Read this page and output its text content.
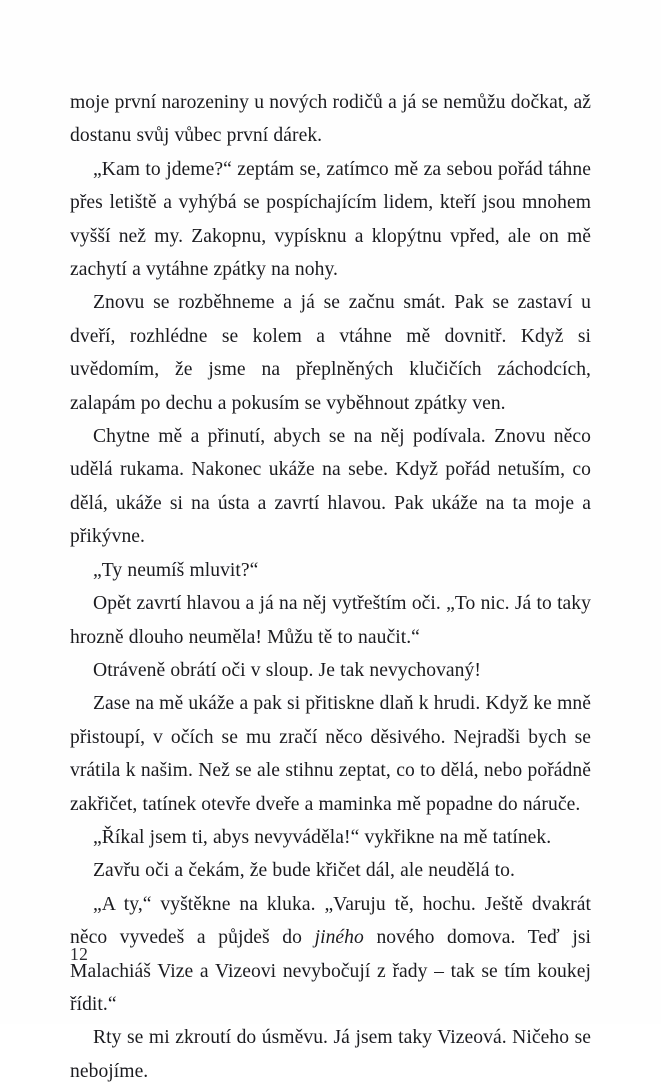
moje první narozeniny u nových rodičů a já se nemůžu dočkat, až dostanu svůj vůbec první dárek.

„Kam to jdeme?“ zeptám se, zatímco mě za sebou pořád táhne přes letiště a vyhýbá se pospíchajícím lidem, kteří jsou mnohem vyšší než my. Zakopnu, vypísknu a klopýtnu vpřed, ale on mě zachytí a vytáhne zpátky na nohy.

Znovu se rozběhneme a já se začnu smát. Pak se zastaví u dveří, rozhlédne se kolem a vtáhne mě dovnitř. Když si uvědomím, že jsme na přeplněných klučičích záchodcích, zalapám po dechu a pokusím se vyběhnout zpátky ven.

Chytne mě a přinutí, abych se na něj podívala. Znovu něco udělá rukama. Nakonec ukáže na sebe. Když pořád netuším, co dělá, ukáže si na ústa a zavrtí hlavou. Pak ukáže na ta moje a přikývne.

„Ty neumíš mluvit?“

Opět zavrtí hlavou a já na něj vytřeštím oči. „To nic. Já to taky hrozně dlouho neuměla! Můžu tě to naučit.“

Otráveně obrátí oči v sloup. Je tak nevychovaný!

Zase na mě ukáže a pak si přitiskne dlaň k hrudi. Když ke mně přistoupí, v očích se mu zračí něco děsivého. Nejradši bych se vrátila k našim. Než se ale stihnu zeptat, co to dělá, nebo pořádně zakřičet, tatínek otevře dveře a maminka mě popadne do náruče.

„Říkal jsem ti, abys nevyváděla!“ vykřikne na mě tatínek.

Zavřu oči a čekám, že bude křičet dál, ale neudělá to.

„A ty,“ vyštěkne na kluka. „Varuju tě, hochu. Ještě dvakrát něco vyvedeš a půjdeš do jiného nového domova. Teď jsi Malachiáš Vize a Vizeovi nevybočují z řady – tak se tím koukej řídit.“

Rty se mi zkroutí do úsměvu. Já jsem taky Vizeová. Ničeho se nebojíme.

12
